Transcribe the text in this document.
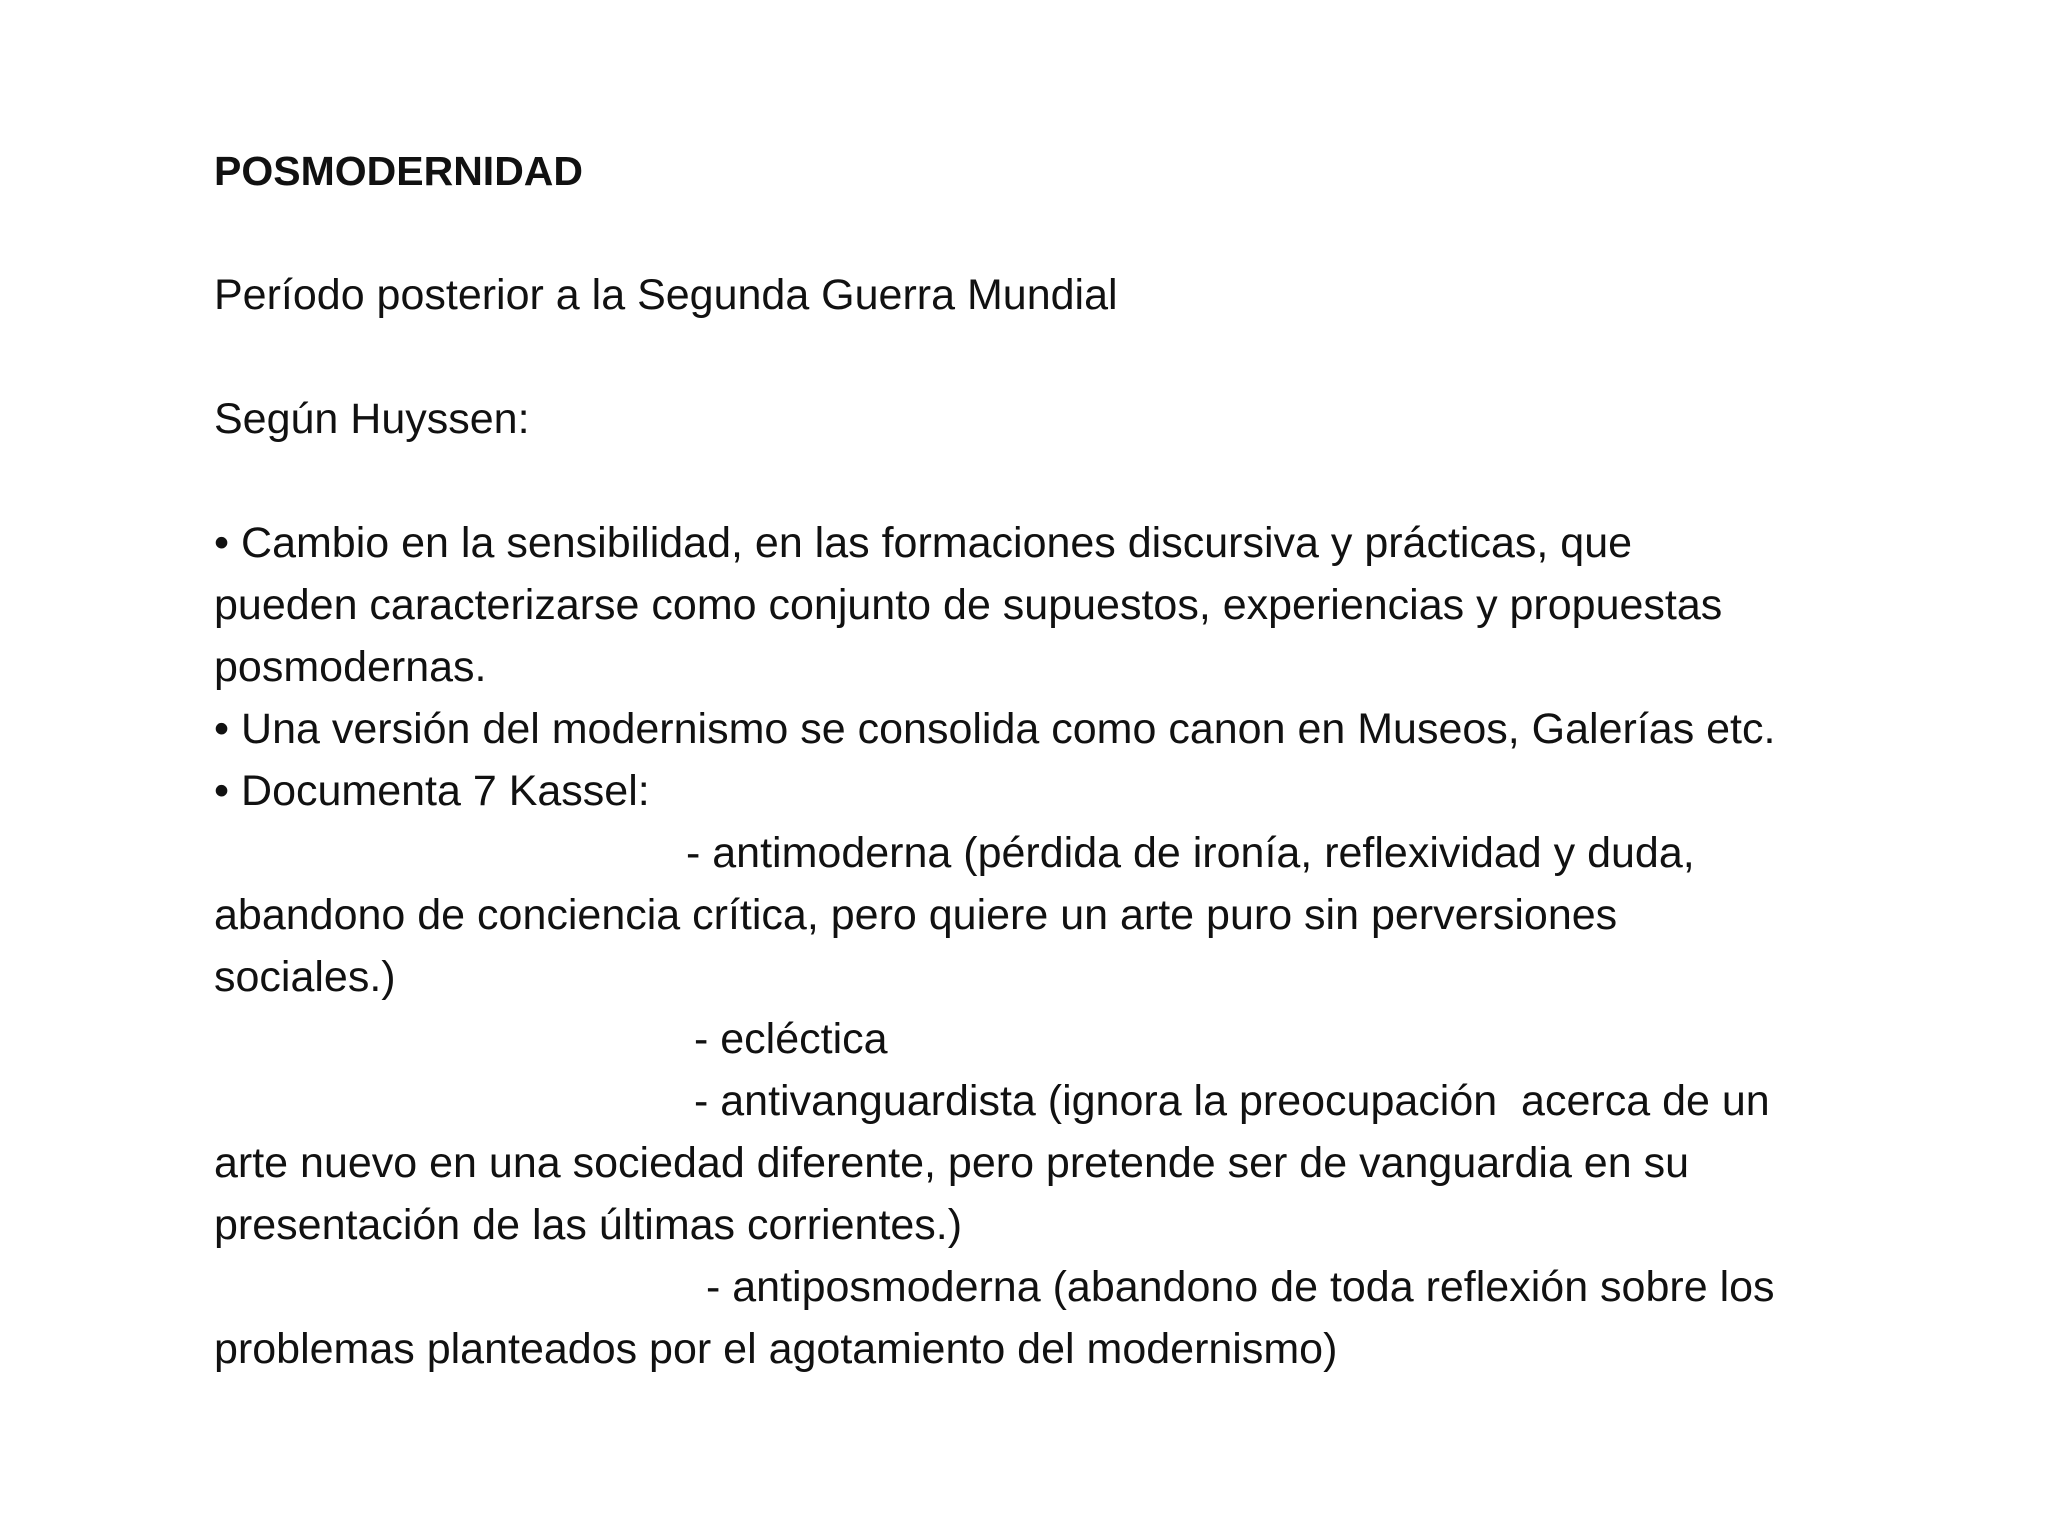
POSMODERNIDAD
Período posterior a la Segunda Guerra Mundial
Según Huyssen:
• Cambio en la sensibilidad, en las formaciones discursiva y prácticas, que
pueden caracterizarse como conjunto de supuestos, experiencias y propuestas
posmodernas.
• Una versión del modernismo se consolida como canon en Museos, Galerías etc.
• Documenta 7 Kassel:
- antimoderna (pérdida de ironía, reflexividad y duda,
abandono de conciencia crítica, pero quiere un arte puro sin perversiones
sociales.)
- ecléctica
- antivanguardista (ignora la preocupación  acerca de un
arte nuevo en una sociedad diferente, pero pretende ser de vanguardia en su
presentación de las últimas corrientes.)
- antiposmoderna (abandono de toda reflexión sobre los
problemas planteados por el agotamiento del modernismo)
